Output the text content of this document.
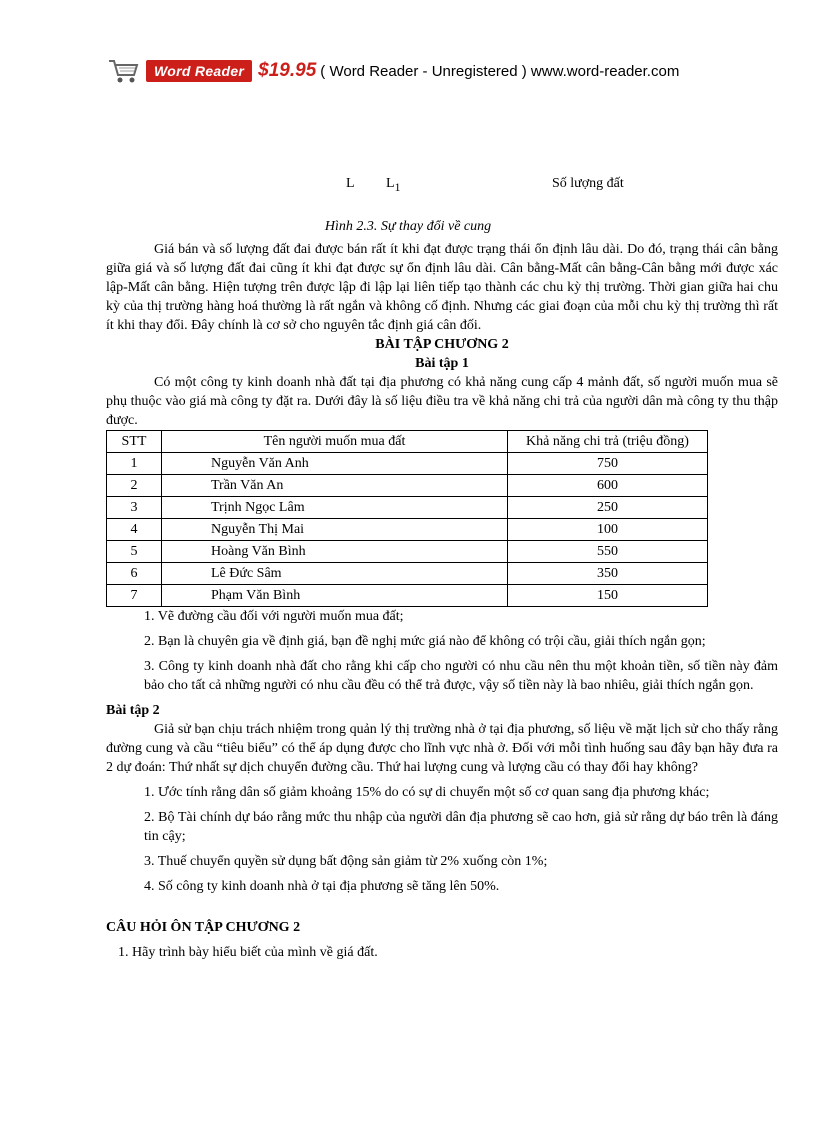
Word Reader $19.95 ( Word Reader - Unregistered ) www.word-reader.com
L $L_1$	Số lượng đất
Hình 2.3. Sự thay đổi về cung

Giá bán và số lượng đất đai được bán rất ít khi đạt được trạng thái ổn định lâu dài. Do đó, trạng thái cân bằng giữa giá và số lượng đất đai cũng ít khi đạt được sự ổn định lâu dài. Cân bằng-Mất cân bằng-Cân bằng mới được xác lập-Mất cân bằng. Hiện tượng trên được lập đi lập lại liên tiếp tạo thành các chu kỳ thị trường. Thời gian giữa hai chu kỳ của thị trường hàng hoá thường là rất ngắn và không cố định. Nhưng các giai đoạn của mỗi chu kỳ thị trường thì rất ít khi thay đổi. Đây chính là cơ sở cho nguyên tắc định giá cân đối.

BÀI TẬP CHƯƠNG 2

Bài tập 1

Có một công ty kinh doanh nhà đất tại địa phương có khả năng cung cấp 4 mảnh đất, số người muốn mua sẽ phụ thuộc vào giá mà công ty đặt ra. Dưới đây là số liệu điều tra về khả năng chi trả của người dân mà công ty thu thập được.

STT	Tên người muốn mua đất	Khả năng chi trả (triệu đồng)
1	Nguyễn Văn Anh	750
2	Trần Văn An	600
3	Trịnh Ngọc Lâm	250
4	Nguyễn Thị Mai	100
5	Hoàng Văn Bình	550
6	Lê Đức Sâm	350
7	Phạm Văn Bình	150

1. Vẽ đường cầu đối với người muốn mua đất;

2. Bạn là chuyên gia về định giá, bạn đề nghị mức giá nào để không có trội cầu, giải thích ngắn gọn;

3. Công ty kinh doanh nhà đất cho rằng khi cấp cho người có nhu cầu nên thu một khoản tiền, số tiền này đảm bảo cho tất cả những người có nhu cầu đều có thể trả được, vậy số tiền này là bao nhiêu, giải thích ngắn gọn.

Bài tập 2

Giả sử bạn chịu trách nhiệm trong quản lý thị trường nhà ở tại địa phương, số liệu về mặt lịch sử cho thấy rằng đường cung và cầu “tiêu biểu” có thể áp dụng được cho lĩnh vực nhà ở. Đối với mỗi tình huống sau đây bạn hãy đưa ra 2 dự đoán: Thứ nhất sự dịch chuyển đường cầu. Thứ hai lượng cung và lượng cầu có thay đổi hay không?

1. Ước tính rằng dân số giảm khoảng 15% do có sự di chuyển một số cơ quan sang địa phương khác;

2. Bộ Tài chính dự báo rằng mức thu nhập của người dân địa phương sẽ cao hơn, giả sử rằng dự báo trên là đáng tin cậy;

3. Thuế chuyển quyền sử dụng bất động sản giảm từ 2% xuống còn 1%;

4. Số công ty kinh doanh nhà ở tại địa phương sẽ tăng lên 50%.

CÂU HỎI ÔN TẬP CHƯƠNG 2

1. Hãy trình bày hiểu biết của mình về giá đất.
